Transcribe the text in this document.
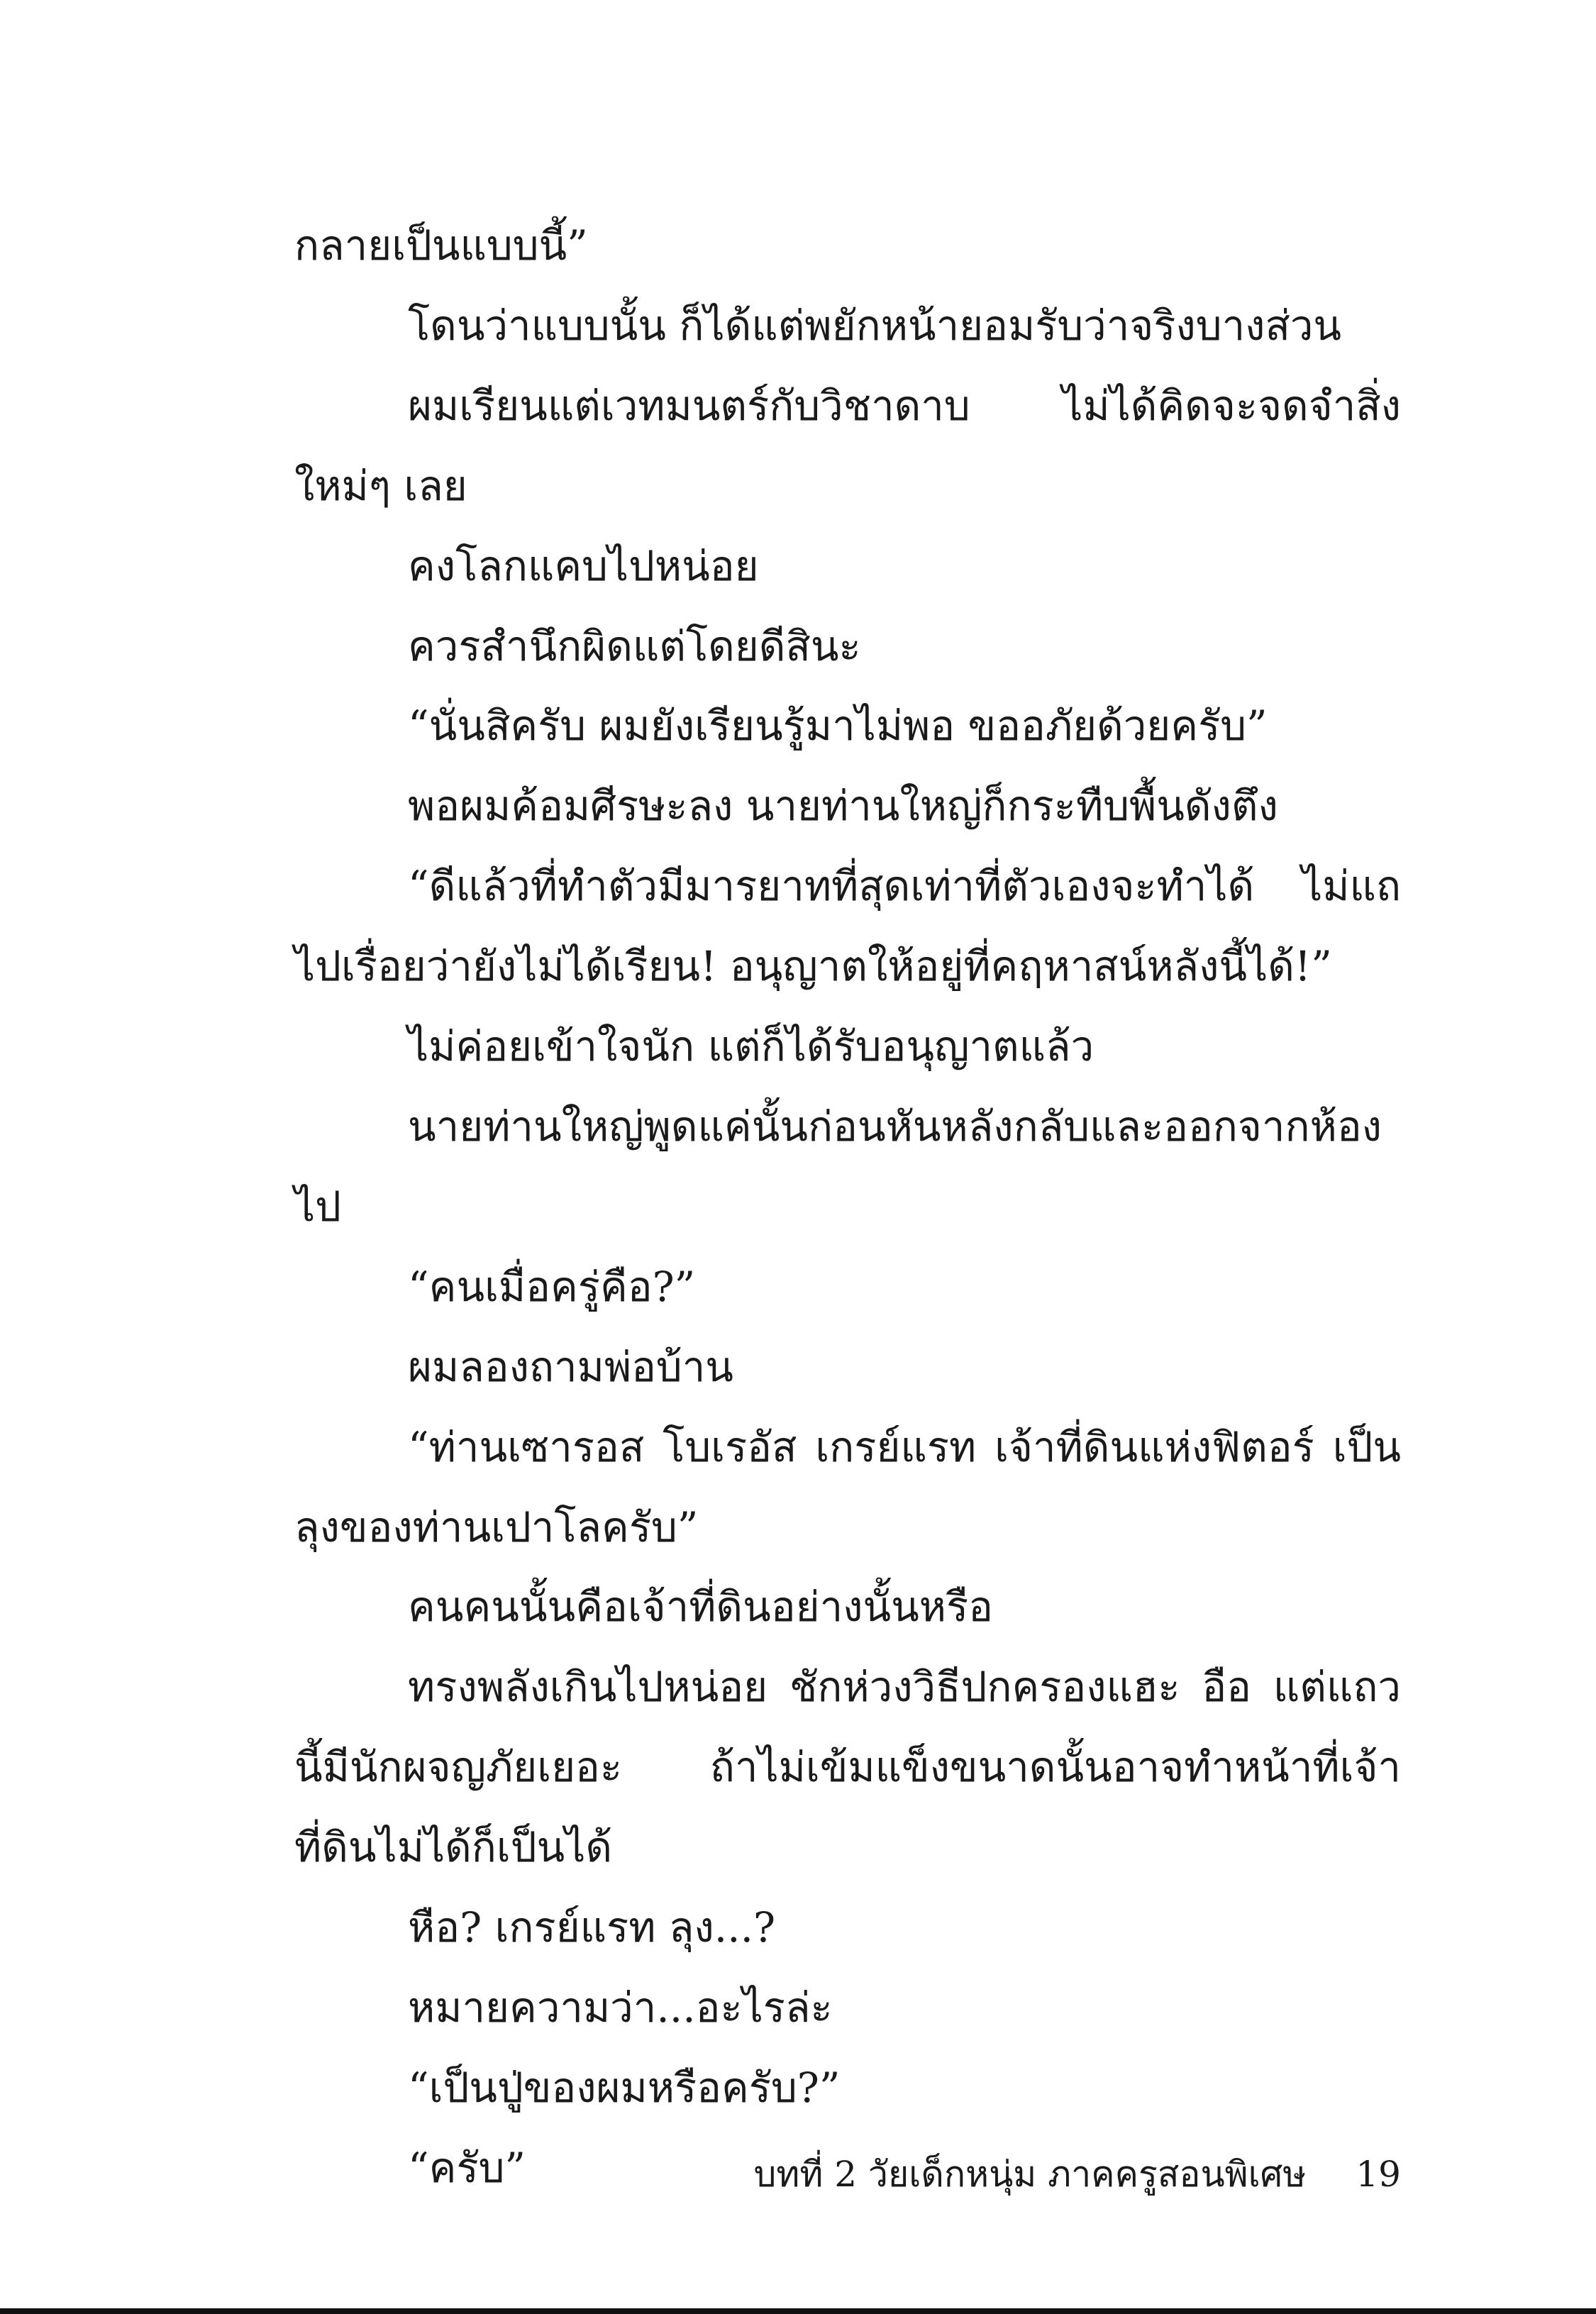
กลายเป็นแบบนี้”

โดนว่าแบบนั้น ก็ได้แต่พยักหน้ายอมรับว่าจริงบางส่วน

ผมเรียนแต่เวทมนตร์กับวิชาดาบ ไม่ได้คิดจะจดจำสิ่งใหม่ๆ เลย

คงโลกแคบไปหน่อย

ควรสำนึกผิดแต่โดยดีสินะ

“นั่นสิครับ ผมยังเรียนรู้มาไม่พอ ขออภัยด้วยครับ”

พอผมค้อมศีรษะลง นายท่านใหญ่ก็กระทืบพื้นดังตึง

“ดีแล้วที่ทำตัวมีมารยาทที่สุดเท่าที่ตัวเองจะทำได้ ไม่แถไปเรื่อยว่ายังไม่ได้เรียน! อนุญาตให้อยู่ที่คฤหาสน์หลังนี้ได้!”

ไม่ค่อยเข้าใจนัก แต่ก็ได้รับอนุญาตแล้ว

นายท่านใหญ่พูดแค่นั้นก่อนหันหลังกลับและออกจากห้องไป

“คนเมื่อครู่คือ?”

ผมลองถามพ่อบ้าน

“ท่านเซารอส โบเรอัส เกรย์แรท เจ้าที่ดินแห่งฟิตอร์ เป็นลุงของท่านเปาโลครับ”

คนคนนั้นคือเจ้าที่ดินอย่างนั้นหรือ

ทรงพลังเกินไปหน่อย ชักห่วงวิธีปกครองแฮะ อือ แต่แถวนี้มีนักผจญภัยเยอะ ถ้าไม่เข้มแข็งขนาดนั้นอาจทำหน้าที่เจ้าที่ดินไม่ได้ก็เป็นได้

หือ? เกรย์แรท ลุง...?

หมายความว่า...อะไรล่ะ

“เป็นปู่ของผมหรือครับ?”

“ครับ”	บทที่ 2 วัยเด็กหนุ่ม ภาคครูสอนพิเศษ 19
